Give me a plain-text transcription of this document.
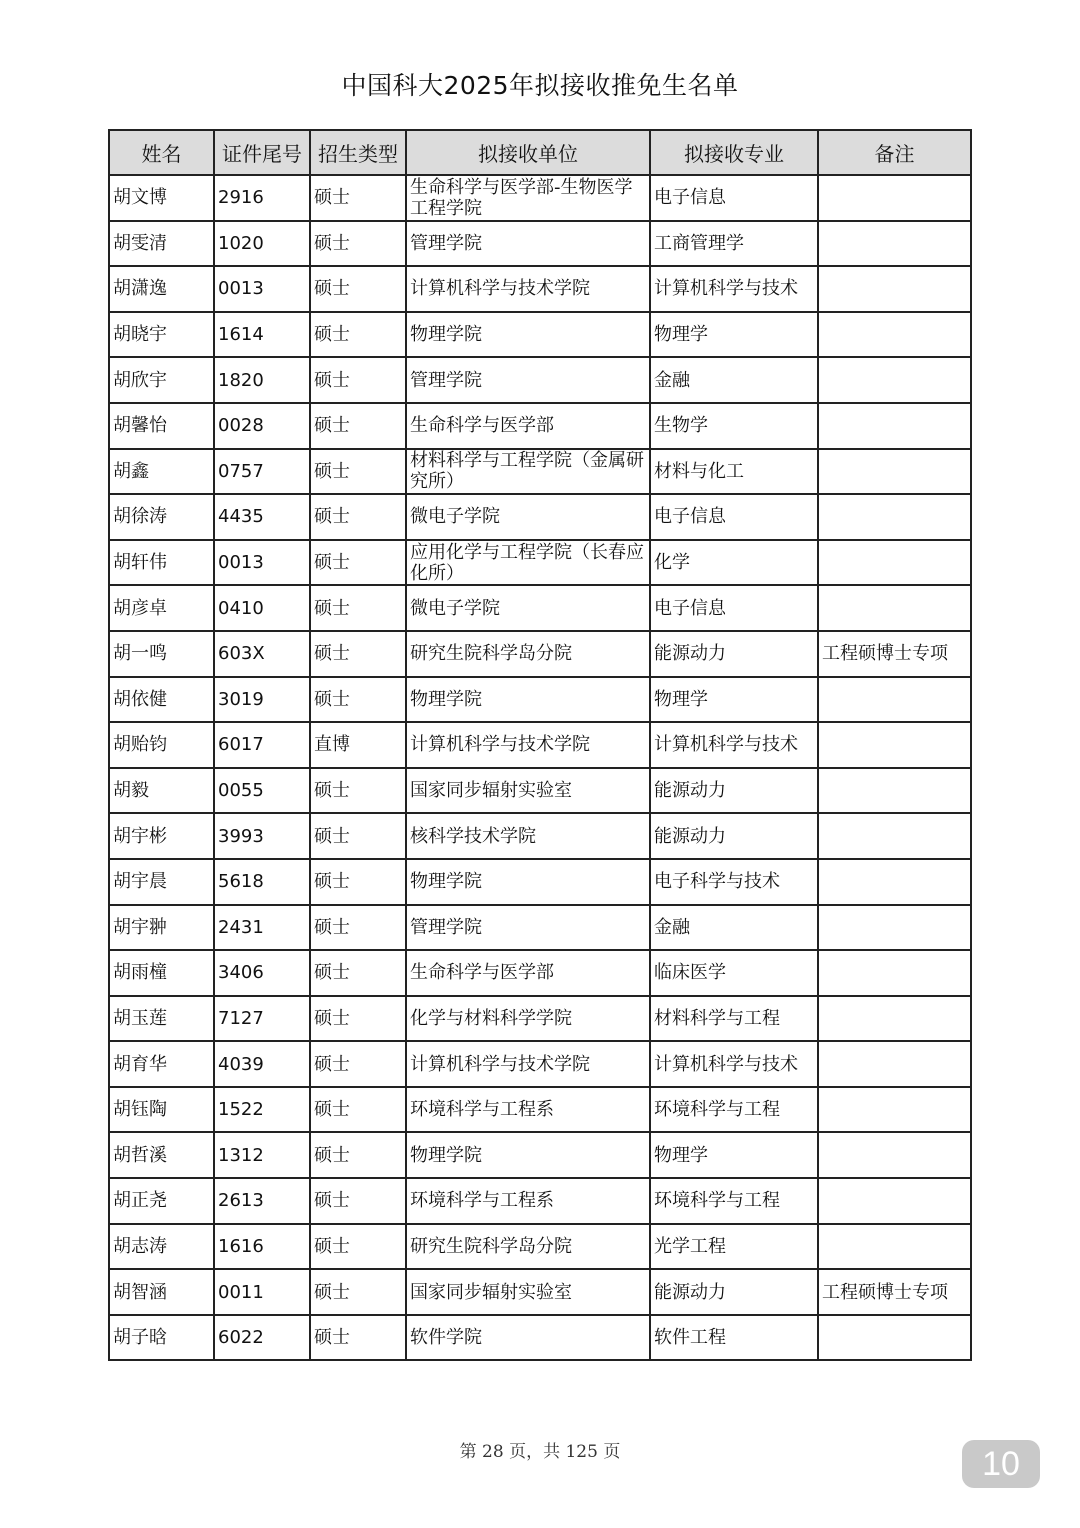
中国科大2025年拟接收推免生名单
姓名	证件尾号	招生类型	拟接收单位	拟接收专业	备注
胡文博	2916	硕士	生命科学与医学部-生物医学工程学院	电子信息	
胡雯清	1020	硕士	管理学院	工商管理学	
胡潇逸	0013	硕士	计算机科学与技术学院	计算机科学与技术	
胡晓宇	1614	硕士	物理学院	物理学	
胡欣宇	1820	硕士	管理学院	金融	
胡馨怡	0028	硕士	生命科学与医学部	生物学	
胡鑫	0757	硕士	材料科学与工程学院（金属研究所）	材料与化工	
胡徐涛	4435	硕士	微电子学院	电子信息	
胡轩伟	0013	硕士	应用化学与工程学院（长春应化所）	化学	
胡彦卓	0410	硕士	微电子学院	电子信息	
胡一鸣	603X	硕士	研究生院科学岛分院	能源动力	工程硕博士专项
胡依健	3019	硕士	物理学院	物理学	
胡贻钧	6017	直博	计算机科学与技术学院	计算机科学与技术	
胡毅	0055	硕士	国家同步辐射实验室	能源动力	
胡宇彬	3993	硕士	核科学技术学院	能源动力	
胡宇晨	5618	硕士	物理学院	电子科学与技术	
胡宇翀	2431	硕士	管理学院	金融	
胡雨橦	3406	硕士	生命科学与医学部	临床医学	
胡玉莲	7127	硕士	化学与材料科学学院	材料科学与工程	
胡育华	4039	硕士	计算机科学与技术学院	计算机科学与技术	
胡钰陶	1522	硕士	环境科学与工程系	环境科学与工程	
胡哲溪	1312	硕士	物理学院	物理学	
胡正尧	2613	硕士	环境科学与工程系	环境科学与工程	
胡志涛	1616	硕士	研究生院科学岛分院	光学工程	
胡智涵	0011	硕士	国家同步辐射实验室	能源动力	工程硕博士专项
胡子晗	6022	硕士	软件学院	软件工程	
第 28 页，共 125 页	10
